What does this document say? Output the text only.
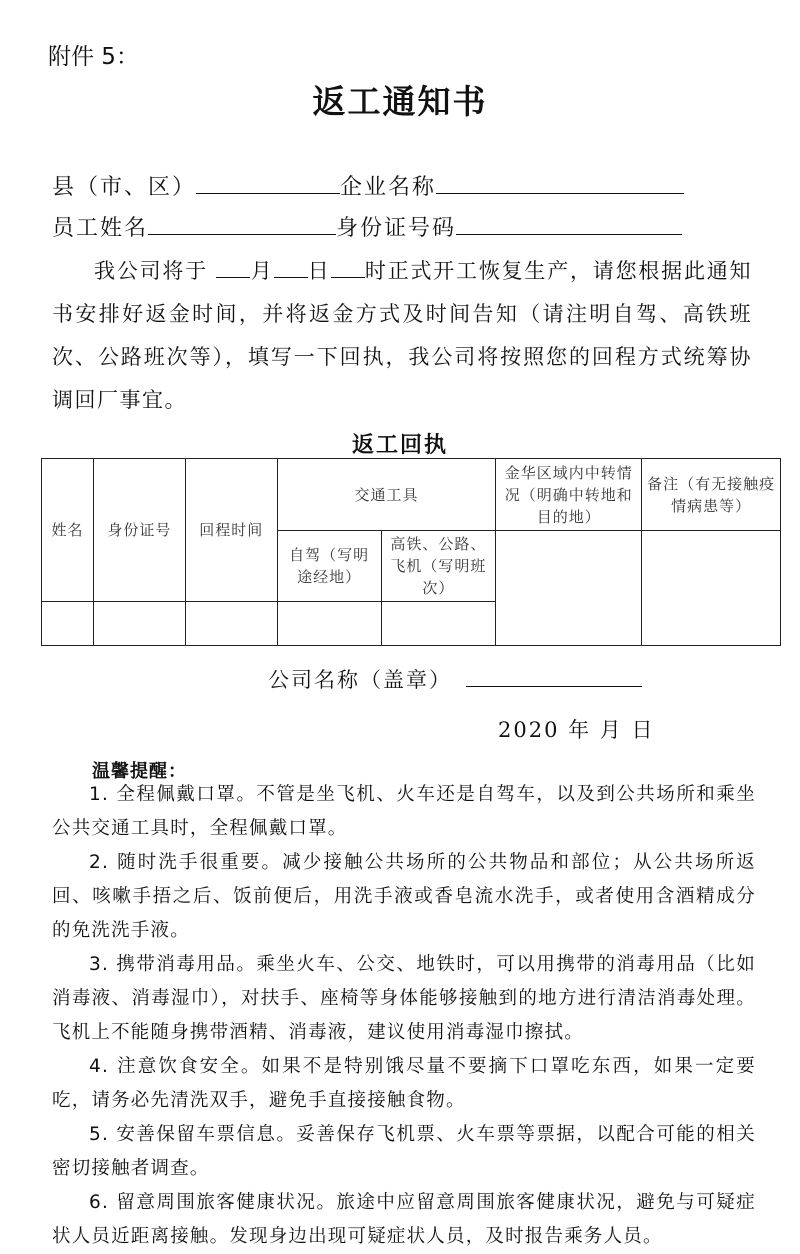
附件 5：
返工通知书
县（市、区）	企业名称
员工姓名	身份证号码

我公司将于 月 日 时正式开工恢复生产，请您根据此通知书安排好返金时间，并将返金方式及时间告知（请注明自驾、高铁班次、公路班次等），填写一下回执，我公司将按照您的回程方式统筹协调回厂事宜。

返工回执
姓名	身份证号	回程时间	交通工具		金华区域内中转情况（明确中转地和目的地）	备注（有无接触疫情病患等）
			自驾（写明途经地）	高铁、公路、飞机（写明班次）		

公司名称（盖章）
2020 年 月 日
温馨提醒：

1. 全程佩戴口罩。不管是坐飞机、火车还是自驾车，以及到公共场所和乘坐公共交通工具时，全程佩戴口罩。

2. 随时洗手很重要。减少接触公共场所的公共物品和部位；从公共场所返回、咳嗽手捂之后、饭前便后，用洗手液或香皂流水洗手，或者使用含酒精成分的免洗洗手液。

3. 携带消毒用品。乘坐火车、公交、地铁时，可以用携带的消毒用品（比如消毒液、消毒湿巾），对扶手、座椅等身体能够接触到的地方进行清洁消毒处理。飞机上不能随身携带酒精、消毒液，建议使用消毒湿巾擦拭。

4. 注意饮食安全。如果不是特别饿尽量不要摘下口罩吃东西，如果一定要吃，请务必先清洗双手，避免手直接接触食物。

5. 安善保留车票信息。妥善保存飞机票、火车票等票据，以配合可能的相关密切接触者调查。

6. 留意周围旅客健康状况。旅途中应留意周围旅客健康状况，避免与可疑症状人员近距离接触。发现身边出现可疑症状人员，及时报告乘务人员。
